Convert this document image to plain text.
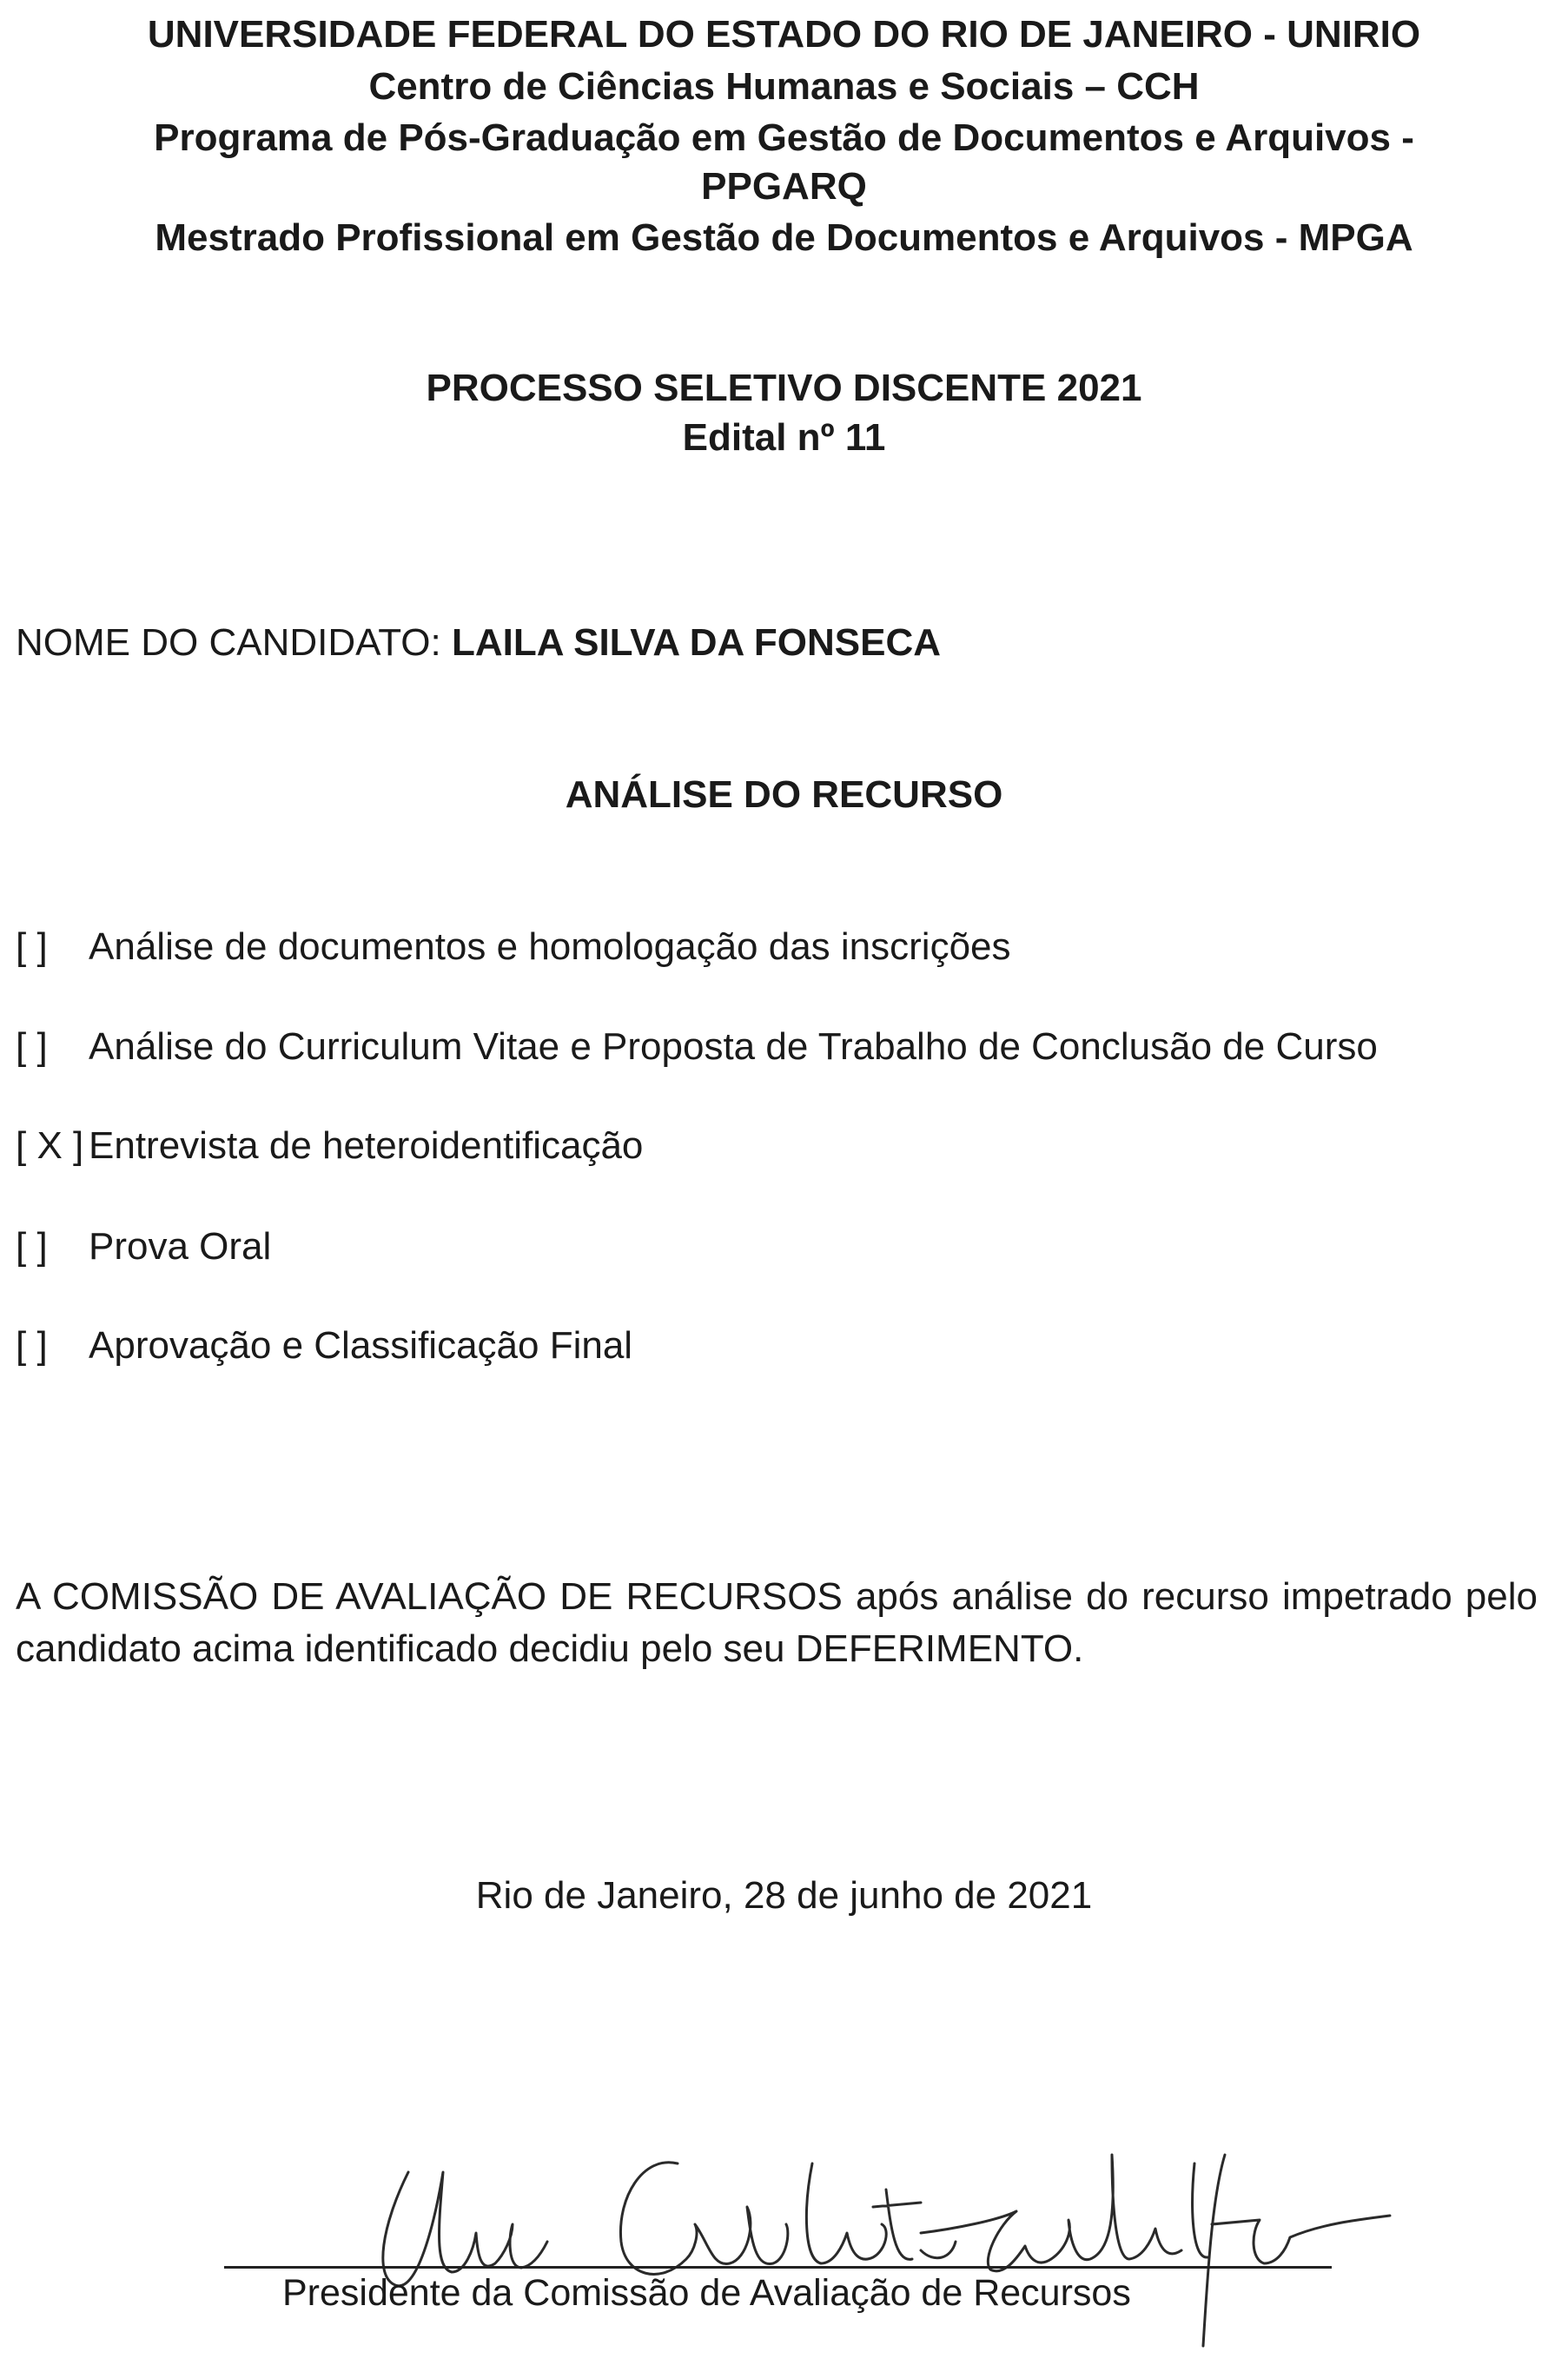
UNIVERSIDADE FEDERAL DO ESTADO DO RIO DE JANEIRO - UNIRIO
Centro de Ciências Humanas e Sociais – CCH
Programa de Pós-Graduação em Gestão de Documentos e Arquivos -
PPGARQ
Mestrado Profissional em Gestão de Documentos e Arquivos - MPGA
PROCESSO SELETIVO DISCENTE 2021
Edital nº 11
NOME DO CANDIDATO: LAILA SILVA DA FONSECA
ANÁLISE DO RECURSO
[ ] Análise de documentos e homologação das inscrições
[ ] Análise do Curriculum Vitae e Proposta de Trabalho de Conclusão de Curso
[ X ] Entrevista de heteroidentificação
[ ] Prova Oral
[ ] Aprovação e Classificação Final
A COMISSÃO DE AVALIAÇÃO DE RECURSOS após análise do recurso impetrado pelo candidato acima identificado decidiu pelo seu DEFERIMENTO.
Rio de Janeiro, 28 de junho de 2021
Presidente da Comissão de Avaliação de Recursos
